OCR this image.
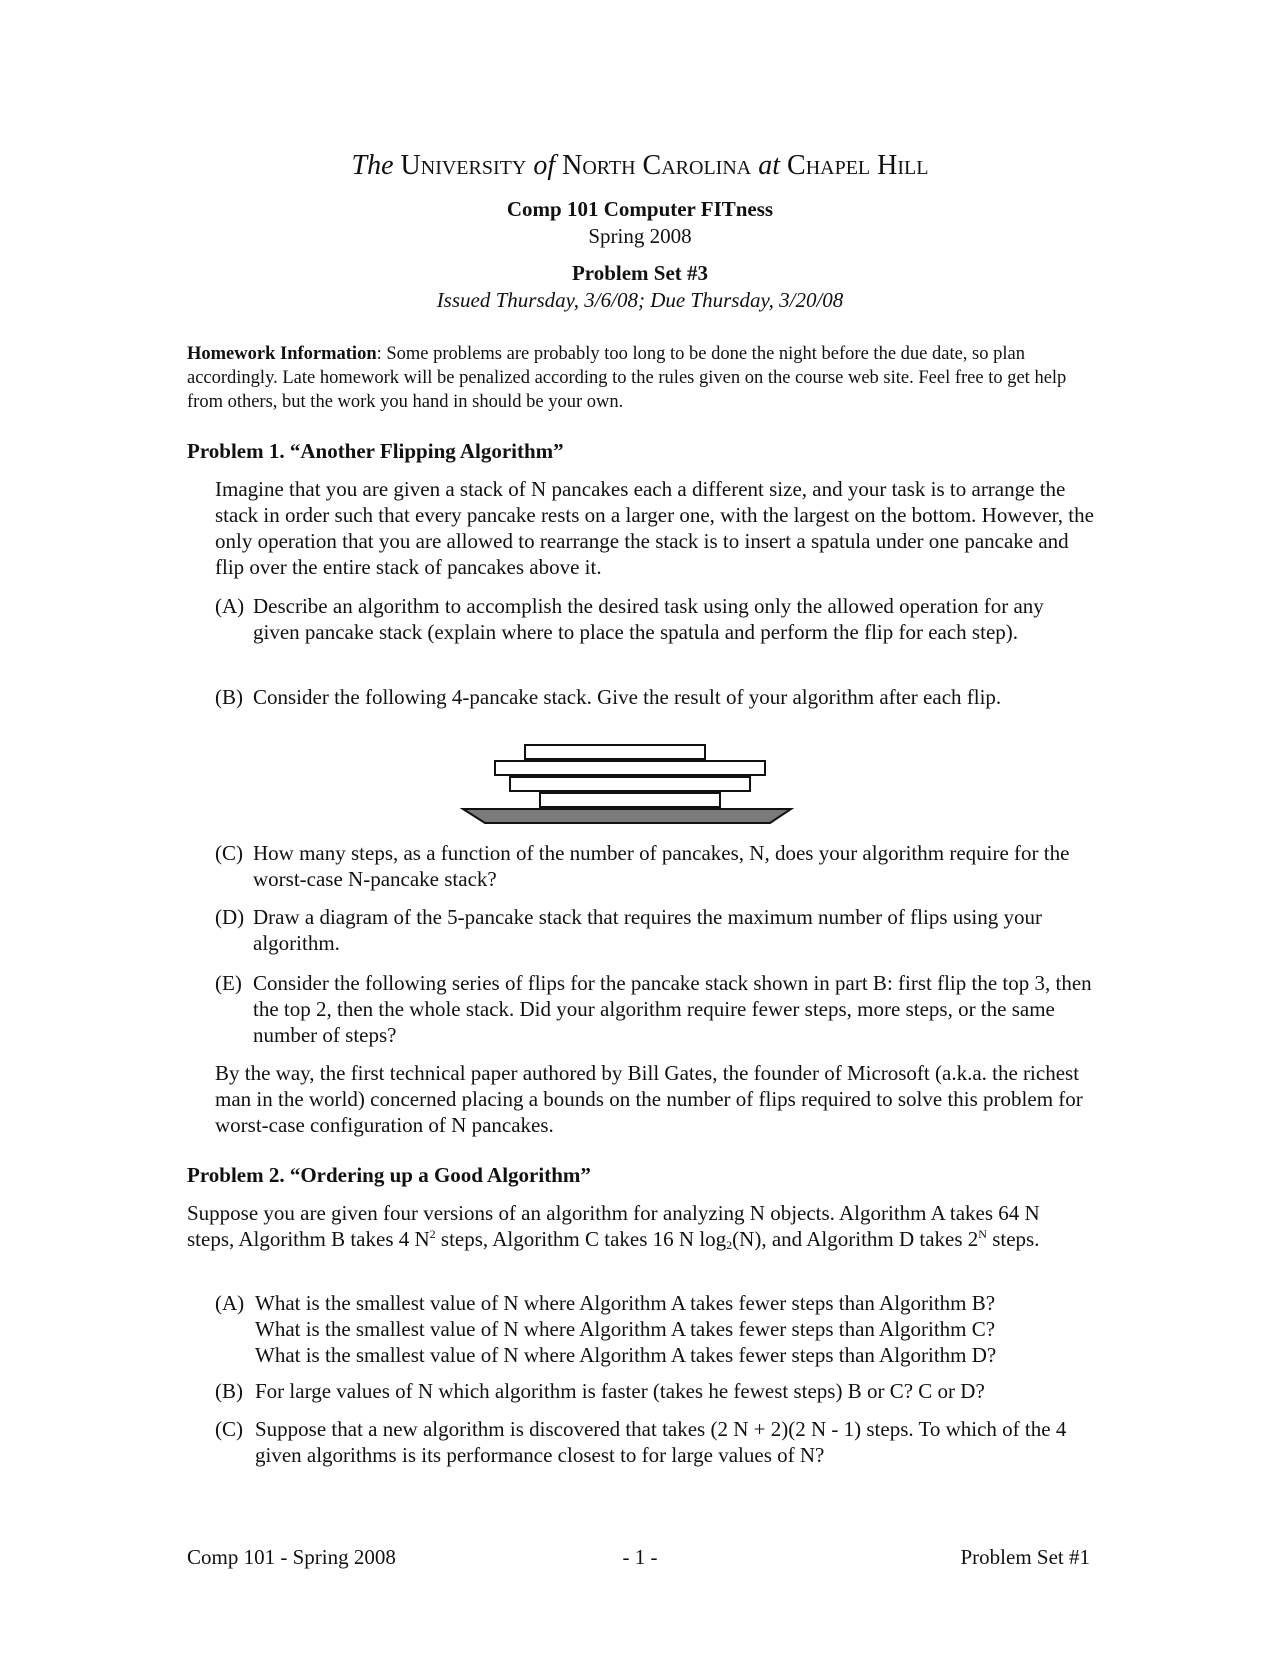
The University of North Carolina at Chapel Hill
Comp 101 Computer FITness
Spring 2008
Problem Set #3
Issued Thursday, 3/6/08; Due Thursday, 3/20/08
Homework Information: Some problems are probably too long to be done the night before the due date, so plan accordingly. Late homework will be penalized according to the rules given on the course web site. Feel free to get help from others, but the work you hand in should be your own.
Problem 1. “Another Flipping Algorithm”
Imagine that you are given a stack of N pancakes each a different size, and your task is to arrange the stack in order such that every pancake rests on a larger one, with the largest on the bottom. However, the only operation that you are allowed to rearrange the stack is to insert a spatula under one pancake and flip over the entire stack of pancakes above it.
(A) Describe an algorithm to accomplish the desired task using only the allowed operation for any given pancake stack (explain where to place the spatula and perform the flip for each step).
(B) Consider the following 4-pancake stack. Give the result of your algorithm after each flip.
(C) How many steps, as a function of the number of pancakes, N, does your algorithm require for the worst-case N-pancake stack?
(D) Draw a diagram of the 5-pancake stack that requires the maximum number of flips using your algorithm.
(E) Consider the following series of flips for the pancake stack shown in part B: first flip the top 3, then the top 2, then the whole stack. Did your algorithm require fewer steps, more steps, or the same number of steps?
By the way, the first technical paper authored by Bill Gates, the founder of Microsoft (a.k.a. the richest man in the world) concerned placing a bounds on the number of flips required to solve this problem for worst-case configuration of N pancakes.
Problem 2. “Ordering up a Good Algorithm”
Suppose you are given four versions of an algorithm for analyzing N objects. Algorithm A takes 64 N steps, Algorithm B takes 4 $N^2$ steps, Algorithm C takes 16 N $\log_2(N)$, and Algorithm D takes $2^N$ steps.
(A) What is the smallest value of N where Algorithm A takes fewer steps than Algorithm B?
What is the smallest value of N where Algorithm A takes fewer steps than Algorithm C?
What is the smallest value of N where Algorithm A takes fewer steps than Algorithm D?
(B) For large values of N which algorithm is faster (takes he fewest steps) B or C? C or D?
(C) Suppose that a new algorithm is discovered that takes (2 N + 2)(2 N - 1) steps. To which of the 4 given algorithms is its performance closest to for large values of N?
Comp 101 - Spring 2008	- 1 -	Problem Set #1
